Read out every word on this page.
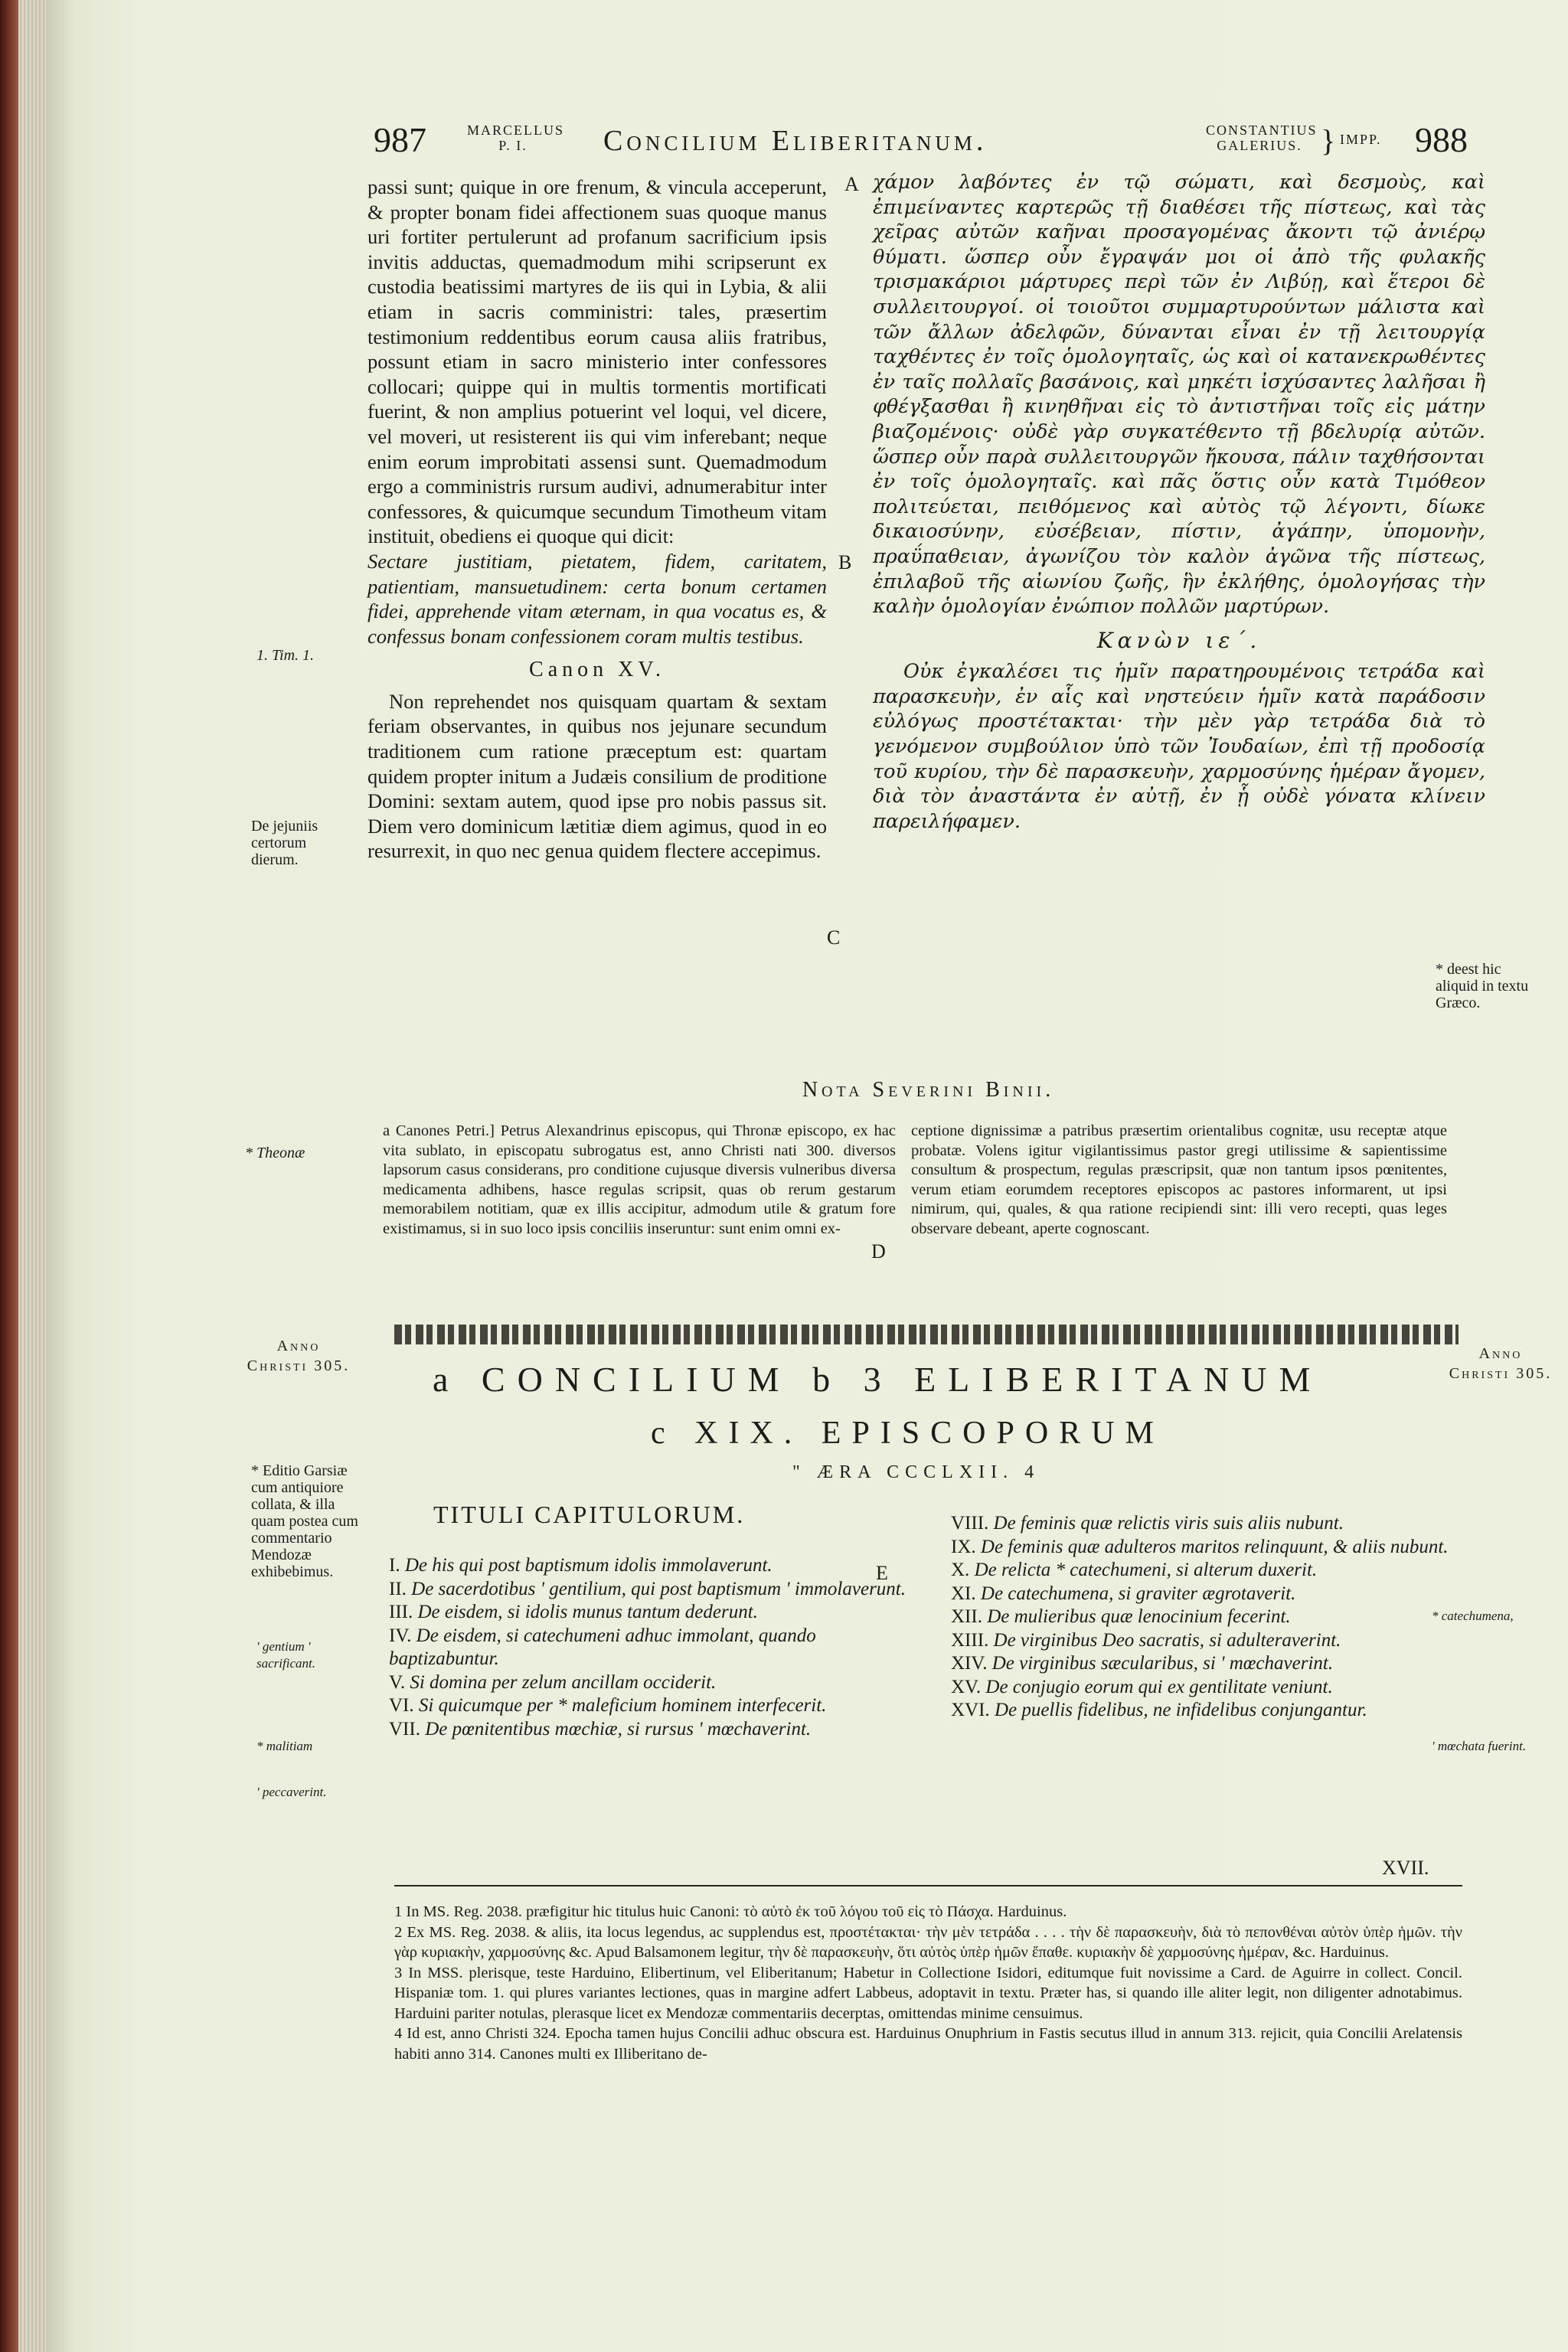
987	MARCELLUS
P. I.	Concilium Eliberitanum.	CONSTANTIUS
GALERIUS. } IMPP. 988

passi sunt; quique in ore frenum, & vincula acceperunt, & propter bonam fidei affectionem suas quoque manus uri fortiter pertulerunt ad profanum sacrificium ipsis invitis adductas, quemadmodum mihi scripserunt ex custodia beatissimi martyres de iis qui in Lybia, & alii etiam in sacris comministri: tales, præsertim testimonium reddentibus eorum causa aliis fratribus, possunt etiam in sacro ministerio inter confessores collocari; quippe qui in multis tormentis mortificati fuerint, & non amplius potuerint vel loqui, vel dicere, vel moveri, ut resisterent iis qui vim inferebant; neque enim eorum improbitati assensi sunt. Quemadmodum ergo a comministris rursum audivi, adnumerabitur inter confessores, & quicumque secundum Timotheum vitam instituit, obediens ei quoque qui dicit:

Sectare justitiam, pietatem, fidem, caritatem, patientiam, mansuetudinem: certa bonum certamen fidei, apprehende vitam æternam, in qua vocatus es, & confessus bonam confessionem coram multis testibus.

Canon XV.

Non reprehendet nos quisquam quartam & sextam feriam observantes, in quibus nos jejunare secundum traditionem cum ratione præceptum est: quartam quidem propter initum a Judæis consilium de proditione Domini: sextam autem, quod ipse pro nobis passus sit. Diem vero dominicum lætitiæ diem agimus, quod in eo resurrexit, in quo nec genua quidem flectere accepimus.

A
B
C
D
E

χάμον λαβόντες ἐν τῷ σώματι, καὶ δεσμοὺς, καὶ ἐπιμείναντες καρτερῶς τῇ διαθέσει τῆς πίστεως, καὶ τὰς χεῖρας αὐτῶν καῆναι προσαγομένας ἄκοντι τῷ ἀνιέρῳ θύματι. ὥσπερ οὖν ἔγραψάν μοι οἱ ἀπὸ τῆς φυλακῆς τρισμακάριοι μάρτυρες περὶ τῶν ἐν Λιβύῃ, καὶ ἕτεροι δὲ συλλειτουργοί. οἱ τοιοῦτοι συμμαρτυρούντων μάλιστα καὶ τῶν ἄλλων ἀδελφῶν, δύνανται εἶναι ἐν τῇ λειτουργίᾳ ταχθέντες ἐν τοῖς ὁμολογηταῖς, ὡς καὶ οἱ κατανεκρωθέντες ἐν ταῖς πολλαῖς βασάνοις, καὶ μηκέτι ἰσχύσαντες λαλῆσαι ἢ φθέγξασθαι ἢ κινηθῆναι εἰς τὸ ἀντιστῆναι τοῖς εἰς μάτην βιαζομένοις· οὐδὲ γὰρ συγκατέθεντο τῇ βδελυρίᾳ αὐτῶν. ὥσπερ οὖν παρὰ συλλειτουργῶν ἤκουσα, πάλιν ταχθήσονται ἐν τοῖς ὁμολογηταῖς. καὶ πᾶς ὅστις οὖν κατὰ Τιμόθεον πολιτεύεται, πειθόμενος καὶ αὐτὸς τῷ λέγοντι, δίωκε δικαιοσύνην, εὐσέβειαν, πίστιν, ἀγάπην, ὑπομονὴν, πραΰπαθειαν, ἀγωνίζου τὸν καλὸν ἀγῶνα τῆς πίστεως, ἐπιλαβοῦ τῆς αἰωνίου ζωῆς, ἣν ἐκλήθης, ὁμολογήσας τὴν καλὴν ὁμολογίαν ἐνώπιον πολλῶν μαρτύρων.

Κανὼν ιε´.

Οὐκ ἐγκαλέσει τις ἡμῖν παρατηρουμένοις τετράδα καὶ παρασκευὴν, ἐν αἷς καὶ νηστεύειν ἡμῖν κατὰ παράδοσιν εὐλόγως προστέτακται· τὴν μὲν γὰρ τετράδα διὰ τὸ γενόμενον συμβούλιον ὑπὸ τῶν Ἰουδαίων, ἐπὶ τῇ προδοσίᾳ τοῦ κυρίου, τὴν δὲ παρασκευὴν, χαρμοσύνης ἡμέραν ἄγομεν, διὰ τὸν ἀναστάντα ἐν αὐτῇ, ἐν ᾗ οὐδὲ γόνατα κλίνειν παρειλήφαμεν.

1. Tim. 1.
De jejuniis certorum dierum.
* deest hic aliquid in textu Græco.
* Theonæ
* Editio Garsiæ cum antiquiore collata, & illa quam postea cum commentario Mendozæ exhibebimus.
' gentium ' sacrificant.
* malitiam
' peccaverint.
* catechumena,
' mœchata fuerint.
Nota Severini Binii.
a Canones Petri.] Petrus Alexandrinus episcopus, qui Thronæ episcopo, ex hac vita sublato, in episcopatu subrogatus est, anno Christi nati 300. diversos lapsorum casus considerans, pro conditione cujusque diversis vulneribus diversa medicamenta adhibens, hasce regulas scripsit, quas ob rerum gestarum memorabilem notitiam, quæ ex illis accipitur, admodum utile & gratum fore existimamus, si in suo loco ipsis conciliis inseruntur: sunt enim omni ex-
ceptione dignissimæ a patribus præsertim orientalibus cognitæ, usu receptæ atque probatæ. Volens igitur vigilantissimus pastor gregi utilissime & sapientissime consultum & prospectum, regulas præscripsit, quæ non tantum ipsos pœnitentes, verum etiam eorumdem receptores episcopos ac pastores informarent, ut ipsi nimirum, qui, quales, & qua ratione recipiendi sint: illi vero recepti, quas leges observare debeant, aperte cognoscant.
Anno Christi 305.
Anno Christi 305.
a CONCILIUM b 3 ELIBERITANUM
c XIX. EPISCOPORUM
" ÆRA CCCLXII. 4
TITULI CAPITULORUM.

I. De his qui post baptismum idolis immolaverunt.

II. De sacerdotibus ' gentilium, qui post baptismum ' immolaverunt.

III. De eisdem, si idolis munus tantum dederunt.

IV. De eisdem, si catechumeni adhuc immolant, quando baptizabuntur.

V. Si domina per zelum ancillam occiderit.

VI. Si quicumque per * maleficium hominem interfecerit.

VII. De pœnitentibus mœchiæ, si rursus ' mœchaverint.

VIII. De feminis quæ relictis viris suis aliis nubunt.

IX. De feminis quæ adulteros maritos relinquunt, & aliis nubunt.

X. De relicta * catechumeni, si alterum duxerit.

XI. De catechumena, si graviter ægrotaverit.

XII. De mulieribus quæ lenocinium fecerint.

XIII. De virginibus Deo sacratis, si adulteraverint.

XIV. De virginibus sæcularibus, si ' mœchaverint.

XV. De conjugio eorum qui ex gentilitate veniunt.

XVI. De puellis fidelibus, ne infidelibus conjungantur.

XVII.

1 In MS. Reg. 2038. præfigitur hic titulus huic Canoni: τὸ αὐτὸ ἐκ τοῦ λόγου τοῦ εἰς τὸ Πάσχα. Harduinus.

2 Ex MS. Reg. 2038. & aliis, ita locus legendus, ac supplendus est, προστέτακται· τὴν μὲν τετράδα . . . . τὴν δὲ παρασκευὴν, διὰ τὸ πεπονθέναι αὐτὸν ὑπὲρ ἡμῶν. τὴν γὰρ κυριακὴν, χαρμοσύνης &c. Apud Balsamonem legitur, τὴν δὲ παρασκευὴν, ὅτι αὐτὸς ὑπὲρ ἡμῶν ἔπαθε. κυριακὴν δὲ χαρμοσύνης ἡμέραν, &c. Harduinus.

3 In MSS. plerisque, teste Harduino, Elibertinum, vel Eliberitanum; Habetur in Collectione Isidori, editumque fuit novissime a Card. de Aguirre in collect. Concil. Hispaniæ tom. 1. qui plures variantes lectiones, quas in margine adfert Labbeus, adoptavit in textu. Præter has, si quando ille aliter legit, non diligenter adnotabimus. Harduini pariter notulas, plerasque licet ex Mendozæ commentariis decerptas, omittendas minime censuimus.

4 Id est, anno Christi 324. Epocha tamen hujus Concilii adhuc obscura est. Harduinus Onuphrium in Fastis secutus illud in annum 313. rejicit, quia Concilii Arelatensis habiti anno 314. Canones multi ex Illiberitano de-
